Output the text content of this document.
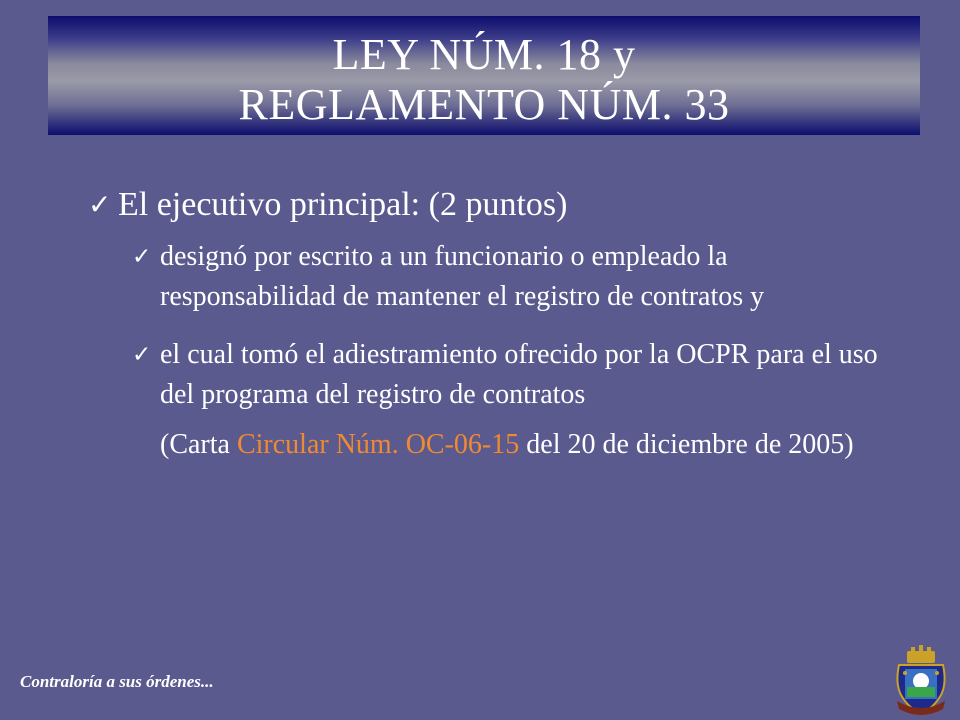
LEY NÚM. 18 y
REGLAMENTO NÚM. 33
✓ El ejecutivo principal: (2 puntos)
✓ designó por escrito a un funcionario o empleado la responsabilidad de mantener el registro de contratos y
✓ el cual tomó el adiestramiento ofrecido por la OCPR para el uso del programa del registro de contratos
(Carta Circular Núm. OC-06-15 del 20 de diciembre de 2005)
Contraloría a sus órdenes...
